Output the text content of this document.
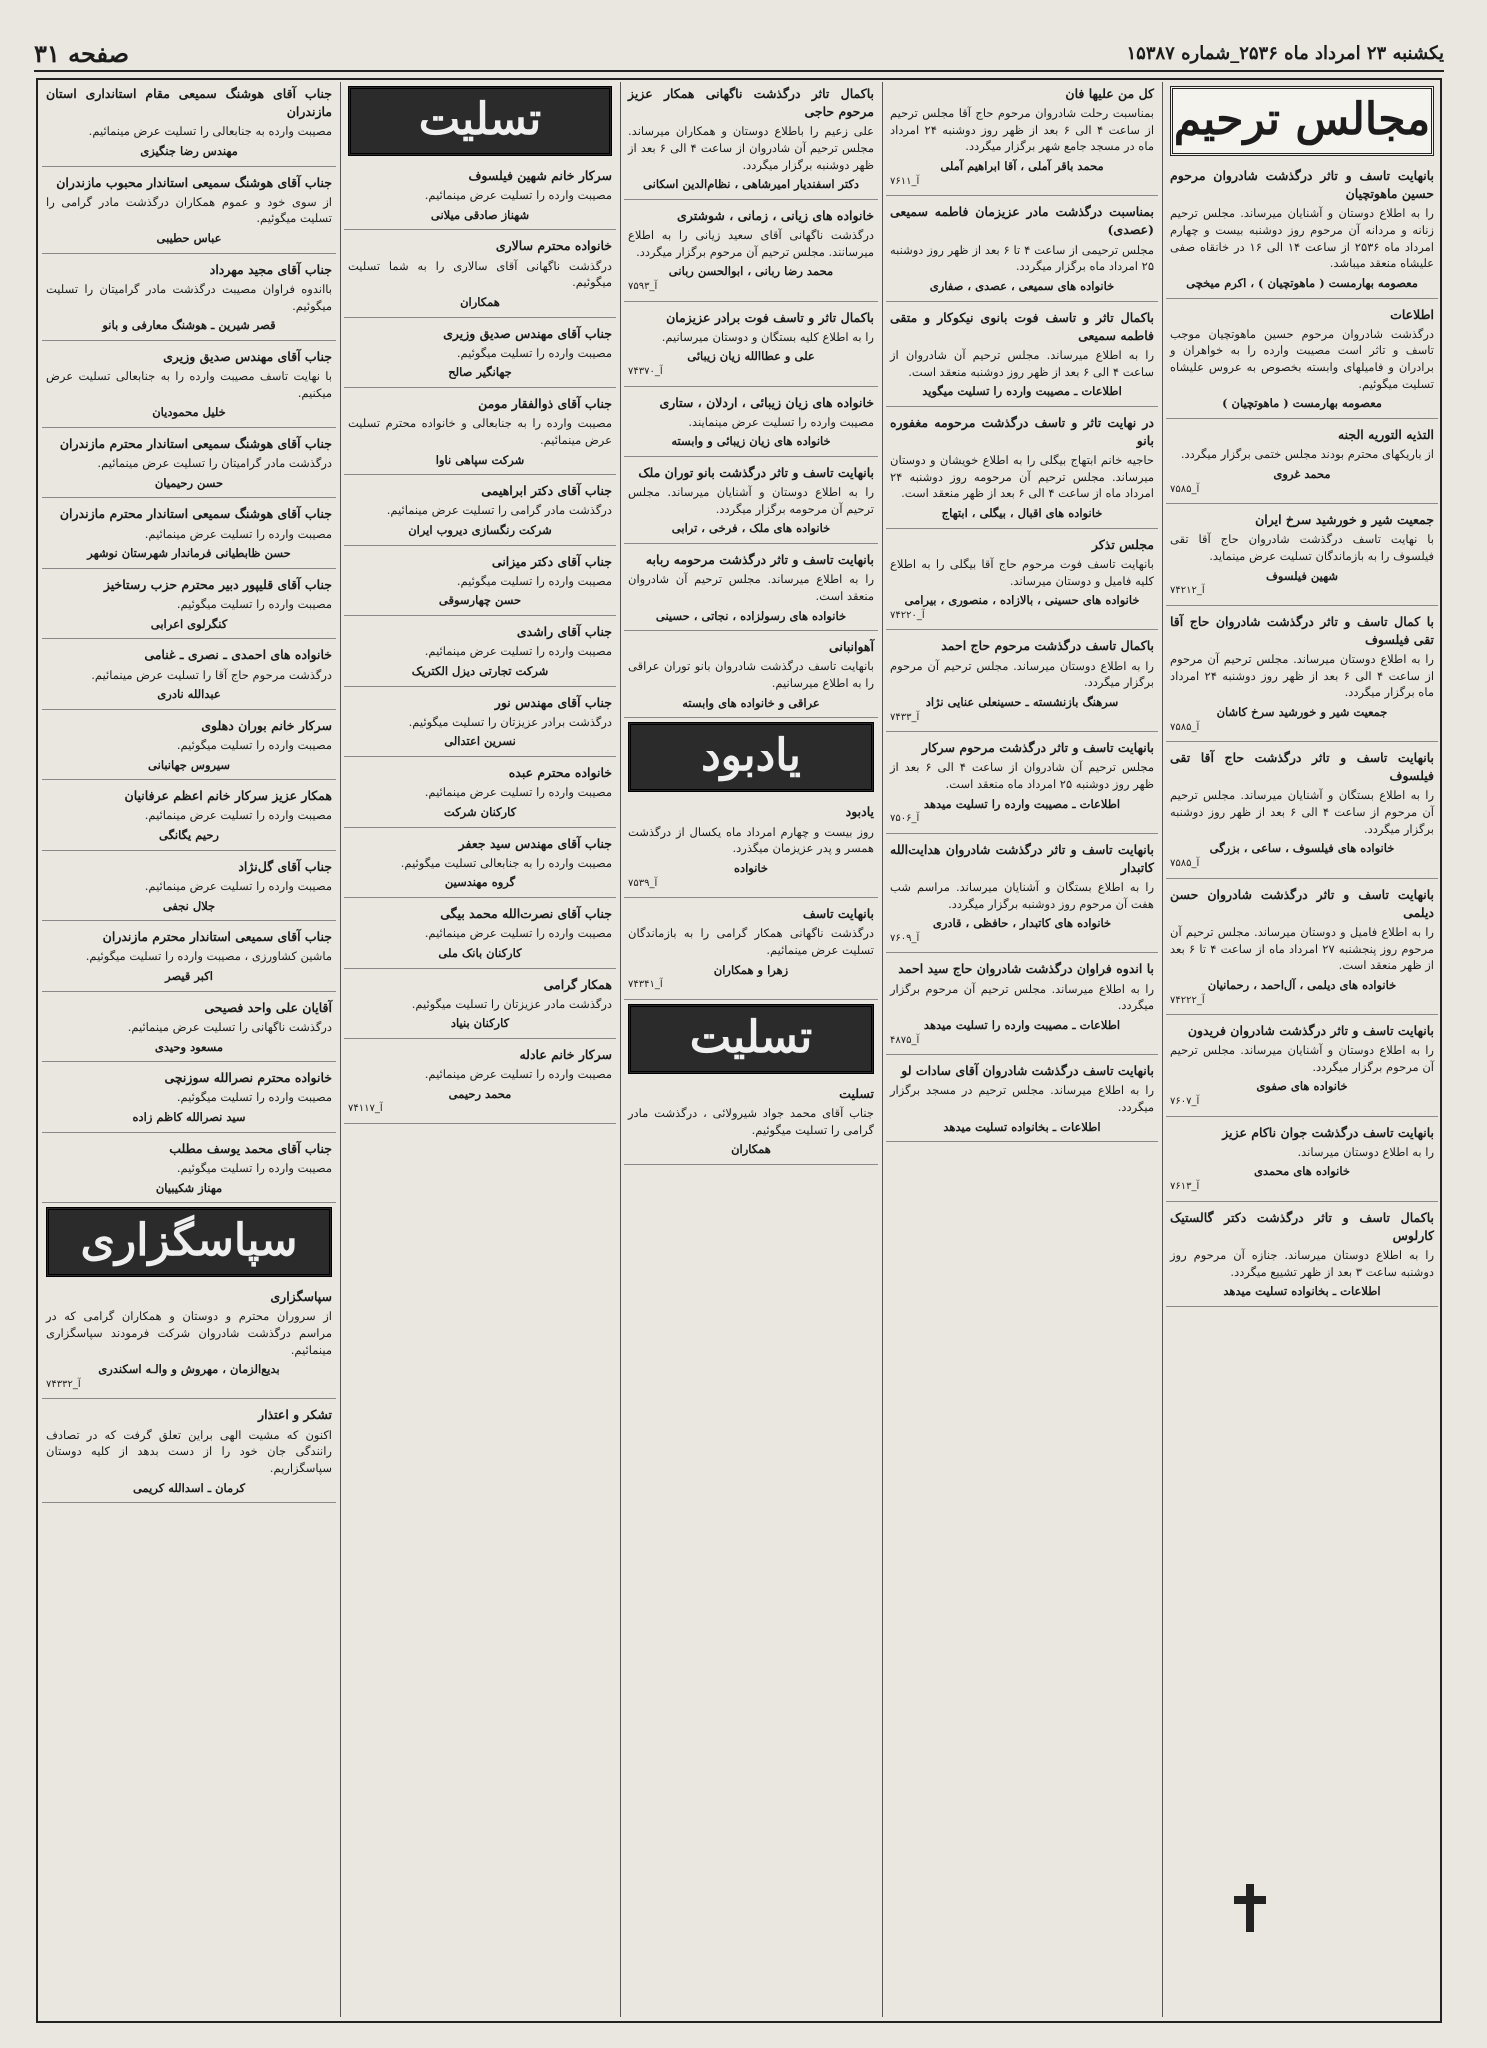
یکشنبه ۲۳ امرداد ماه ۲۵۳۶_شماره ۱۵۳۸۷
صفحه ۳۱
مجالس ترحیم
بانهایت تاسف و تاثر درگذشت شادروان مرحوم حسین ماهوتچیان
را به اطلاع دوستان و آشنایان میرساند. مجلس ترحیم زنانه و مردانه آن مرحوم روز دوشنبه بیست و چهارم امرداد ماه ۲۵۳۶ از ساعت ۱۴ الی ۱۶ در خانقاه صفی علیشاه منعقد میباشد.
معصومه بهارمست ( ماهوتچیان ) ، اکرم میخچی
اطلاعات
درگذشت شادروان مرحوم حسین ماهوتچیان موجب تاسف و تاثر است مصیبت وارده را به خواهران و برادران و فامیلهای وابسته بخصوص به عروس علیشاه تسلیت میگوئیم.
معصومه بهارمست ( ماهوتچیان )
التذیه التوریه الجنه
از باریکهای محترم بودند مجلس ختمی برگزار میگردد.
محمد غروی
۷۵۸۵_آ
جمعیت شیر و خورشید سرخ ایران
با نهایت تاسف درگذشت شادروان حاج آقا تقی فیلسوف را به بازماندگان تسلیت عرض مینماید.
شهین فیلسوف
۷۴۲۱۲_آ
با کمال تاسف و تاثر درگذشت شادروان حاج آقا تقی فیلسوف
را به اطلاع دوستان میرساند. مجلس ترحیم آن مرحوم از ساعت ۴ الی ۶ بعد از ظهر روز دوشنبه ۲۴ امرداد ماه برگزار میگردد.
جمعیت شیر و خورشید سرخ کاشان
۷۵۸۵_آ
بانهایت تاسف و تاثر درگذشت حاج آقا تقی فیلسوف
را به اطلاع بستگان و آشنایان میرساند. مجلس ترحیم آن مرحوم از ساعت ۴ الی ۶ بعد از ظهر روز دوشنبه برگزار میگردد.
خانواده های فیلسوف ، ساعی ، بزرگی
۷۵۸۵_آ
بانهایت تاسف و تاثر درگذشت شادروان حسن دیلمی
را به اطلاع فامیل و دوستان میرساند. مجلس ترحیم آن مرحوم روز پنجشنبه ۲۷ امرداد ماه از ساعت ۴ تا ۶ بعد از ظهر منعقد است.
خانواده های دیلمی ، آل‌احمد ، رحمانیان
۷۴۲۲۲_آ
بانهایت تاسف و تاثر درگذشت شادروان فریدون
را به اطلاع دوستان و آشنایان میرساند. مجلس ترحیم آن مرحوم برگزار میگردد.
خانواده های صفوی
۷۶۰۷_آ
بانهایت تاسف درگذشت جوان ناکام عزیز
را به اطلاع دوستان میرساند.
خانواده های محمدی
۷۶۱۳_آ
باکمال تاسف و تاثر درگذشت دکتر گالستیک کارلوس
را به اطلاع دوستان میرساند. جنازه آن مرحوم روز دوشنبه ساعت ۳ بعد از ظهر تشییع میگردد.
اطلاعات ـ بخانواده تسلیت میدهد
کل من علیها فان
بمناسبت رحلت شادروان مرحوم حاج آقا مجلس ترحیم از ساعت ۴ الی ۶ بعد از ظهر روز دوشنبه ۲۴ امرداد ماه در مسجد جامع شهر برگزار میگردد.
محمد باقر آملی ، آقا ابراهیم آملی
۷۶۱۱_آ
بمناسبت درگذشت مادر عزیزمان فاطمه سمیعی (عصدی)
مجلس ترحیمی از ساعت ۴ تا ۶ بعد از ظهر روز دوشنبه ۲۵ امرداد ماه برگزار میگردد.
خانواده های سمیعی ، عصدی ، صفاری
باکمال تاثر و تاسف فوت بانوی نیکوکار و متقی فاطمه سمیعی
را به اطلاع میرساند. مجلس ترحیم آن شادروان از ساعت ۴ الی ۶ بعد از ظهر روز دوشنبه منعقد است.
اطلاعات ـ مصیبت وارده را تسلیت میگوید
در نهایت تاثر و تاسف درگذشت مرحومه مغفوره بانو
حاجیه خانم ابتهاج بیگلی را به اطلاع خویشان و دوستان میرساند. مجلس ترحیم آن مرحومه روز دوشنبه ۲۴ امرداد ماه از ساعت ۴ الی ۶ بعد از ظهر منعقد است.
خانواده های اقبال ، بیگلی ، ابتهاج
مجلس تذکر
بانهایت تاسف فوت مرحوم حاج آقا بیگلی را به اطلاع کلیه فامیل و دوستان میرساند.
خانواده های حسینی ، بالازاده ، منصوری ، بیرامی
۷۴۲۲۰_آ
باکمال تاسف درگذشت مرحوم حاج احمد
را به اطلاع دوستان میرساند. مجلس ترحیم آن مرحوم برگزار میگردد.
سرهنگ بازنشسته ـ حسینعلی عنایی نژاد
۷۴۳۳_آ
بانهایت تاسف و تاثر درگذشت مرحوم سرکار
مجلس ترحیم آن شادروان از ساعت ۴ الی ۶ بعد از ظهر روز دوشنبه ۲۵ امرداد ماه منعقد است.
اطلاعات ـ مصیبت وارده را تسلیت میدهد
۷۵۰۶_آ
بانهایت تاسف و تاثر درگذشت شادروان هدایت‌الله کاتبدار
را به اطلاع بستگان و آشنایان میرساند. مراسم شب هفت آن مرحوم روز دوشنبه برگزار میگردد.
خانواده های کاتبدار ، حافظی ، قادری
۷۶۰۹_آ
با اندوه فراوان درگذشت شادروان حاج سید احمد
را به اطلاع میرساند. مجلس ترحیم آن مرحوم برگزار میگردد.
اطلاعات ـ مصیبت وارده را تسلیت میدهد
۴۸۷۵_آ
بانهایت تاسف درگذشت شادروان آقای سادات لو
را به اطلاع میرساند. مجلس ترحیم در مسجد برگزار میگردد.
اطلاعات ـ بخانواده تسلیت میدهد
باکمال تاثر درگذشت ناگهانی همکار عزیز مرحوم حاجی
علی زعیم را باطلاع دوستان و همکاران میرساند. مجلس ترحیم آن شادروان از ساعت ۴ الی ۶ بعد از ظهر دوشنبه برگزار میگردد.
دکتر اسفندیار امیرشاهی ، نظام‌الدین اسکانی
خانواده های زیانی ، زمانی ، شوشتری
درگذشت ناگهانی آقای سعید زیانی را به اطلاع میرسانند. مجلس ترحیم آن مرحوم برگزار میگردد.
محمد رضا ربانی ، ابوالحسن ربانی
۷۵۹۳_آ
باکمال تاثر و تاسف فوت برادر عزیزمان
را به اطلاع کلیه بستگان و دوستان میرسانیم.
علی و عطاالله زیان زیبائی
۷۴۳۷۰_آ
خانواده های زیان زیبائی ، اردلان ، ستاری
مصیبت وارده را تسلیت عرض مینمایند.
خانواده های زیان زیبائی و وابسته
بانهایت تاسف و تاثر درگذشت بانو توران ملک
را به اطلاع دوستان و آشنایان میرساند. مجلس ترحیم آن مرحومه برگزار میگردد.
خانواده های ملک ، فرخی ، ترابی
بانهایت تاسف و تاثر درگذشت مرحومه ربابه
را به اطلاع میرساند. مجلس ترحیم آن شادروان منعقد است.
خانواده های رسولزاده ، نجاتی ، حسینی
آهوانبانی
بانهایت تاسف درگذشت شادروان بانو توران عراقی را به اطلاع میرسانیم.
عراقی و خانواده های وابسته
یادبود
یادبود
روز بیست و چهارم امرداد ماه یکسال از درگذشت همسر و پدر عزیزمان میگذرد.
خانواده
۷۵۳۹_آ
بانهایت تاسف
درگذشت ناگهانی همکار گرامی را به بازماندگان تسلیت عرض مینمائیم.
زهرا و همکاران
۷۴۳۴۱_آ
تسلیت
تسلیت
جناب آقای محمد جواد شیرولائی ، درگذشت مادر گرامی را تسلیت میگوئیم.
همکاران
تسلیت
سرکار خانم شهین فیلسوف
مصیبت وارده را تسلیت عرض مینمائیم.
شهناز صادقی میلانی
خانواده محترم سالاری
درگذشت ناگهانی آقای سالاری را به شما تسلیت میگوئیم.
همکاران
جناب آقای مهندس صدیق وزیری
مصیبت وارده را تسلیت میگوئیم.
جهانگیر صالح
جناب آقای ذوالفقار مومن
مصیبت وارده را به جنابعالی و خانواده محترم تسلیت عرض مینمائیم.
شرکت سپاهی ناوا
جناب آقای دکتر ابراهیمی
درگذشت مادر گرامی را تسلیت عرض مینمائیم.
شرکت رنگسازی دیروب ایران
جناب آقای دکتر میزانی
مصیبت وارده را تسلیت میگوئیم.
حسن چهارسوقی
جناب آقای راشدی
مصیبت وارده را تسلیت عرض مینمائیم.
شرکت تجارتی دیزل الکتریک
جناب آقای مهندس نور
درگذشت برادر عزیزتان را تسلیت میگوئیم.
نسرین اعتدالی
خانواده محترم عبده
مصیبت وارده را تسلیت عرض مینمائیم.
کارکنان شرکت
جناب آقای مهندس سید جعفر
مصیبت وارده را به جنابعالی تسلیت میگوئیم.
گروه مهندسین
جناب آقای نصرت‌الله محمد بیگی
مصیبت وارده را تسلیت عرض مینمائیم.
کارکنان بانک ملی
همکار گرامی
درگذشت مادر عزیزتان را تسلیت میگوئیم.
کارکنان بنیاد
سرکار خانم عادله
مصیبت وارده را تسلیت عرض مینمائیم.
محمد رحیمی
۷۴۱۱۷_آ
جناب آقای هوشنگ سمیعی مقام استانداری استان مازندران
مصیبت وارده به جنابعالی را تسلیت عرض مینمائیم.
مهندس رضا جنگیزی
جناب آقای هوشنگ سمیعی استاندار محبوب مازندران
از سوی خود و عموم همکاران درگذشت مادر گرامی را تسلیت میگوئیم.
عباس حطیبی
جناب آقای مجید مهرداد
بااندوه فراوان مصیبت درگذشت مادر گرامیتان را تسلیت میگوئیم.
قصر شیرین ـ هوشنگ معارفی و بانو
جناب آقای مهندس صدیق وزیری
با نهایت تاسف مصیبت وارده را به جنابعالی تسلیت عرض میکنیم.
خلیل محمودیان
جناب آقای هوشنگ سمیعی استاندار محترم مازندران
درگذشت مادر گرامیتان را تسلیت عرض مینمائیم.
حسن رحیمیان
جناب آقای هوشنگ سمیعی استاندار محترم مازندران
مصیبت وارده را تسلیت عرض مینمائیم.
حسن ظابطیانی فرماندار شهرستان نوشهر
جناب آقای قلیپور دبیر محترم حزب رستاخیز
مصیبت وارده را تسلیت میگوئیم.
کنگرلوی اعرابی
خانواده های احمدی ـ نصری ـ غنامی
درگذشت مرحوم حاج آقا را تسلیت عرض مینمائیم.
عبدالله نادری
سرکار خانم بوران دهلوی
مصیبت وارده را تسلیت میگوئیم.
سیروس جهانبانی
همکار عزیز سرکار خانم اعظم عرفانیان
مصیبت وارده را تسلیت عرض مینمائیم.
رحیم یگانگی
جناب آقای گل‌نژاد
مصیبت وارده را تسلیت عرض مینمائیم.
جلال نجفی
جناب آقای سمیعی استاندار محترم مازندران
ماشین کشاورزی ، مصیبت وارده را تسلیت میگوئیم.
اکبر قیصر
آقایان علی واحد فصیحی
درگذشت ناگهانی را تسلیت عرض مینمائیم.
مسعود وحیدی
خانواده محترم نصرالله سوزنچی
مصیبت وارده را تسلیت میگوئیم.
سید نصرالله کاظم زاده
جناب آقای محمد یوسف مطلب
مصیبت وارده را تسلیت میگوئیم.
مهناز شکیبیان
سپاسگزاری
سپاسگزاری
از سروران محترم و دوستان و همکاران گرامی که در مراسم درگذشت شادروان شرکت فرمودند سپاسگزاری مینمائیم.
بدیع‌الزمان ، مهروش و والـه اسکندری
۷۴۳۳۲_آ
تشکر و اعتذار
اکنون که مشیت الهی براین تعلق گرفت که در تصادف رانندگی جان خود را از دست بدهد از کلیه دوستان سپاسگزاریم.
کرمان ـ اسدالله کریمی
